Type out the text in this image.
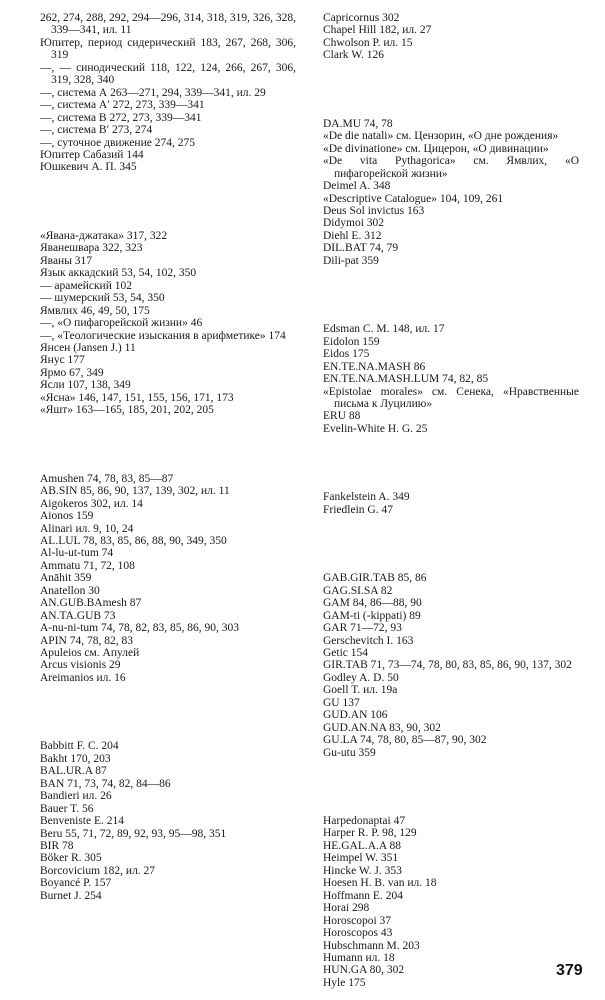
262, 274, 288, 292, 294—296, 314, 318, 319, 326, 328, 339—341, ил. 11

Юпитер, период сидерический 183, 267, 268, 306, 319

—, — синодический 118, 122, 124, 266, 267, 306, 319, 328, 340

—, система А 263—271, 294, 339—341, ил. 29

—, система А′ 272, 273, 339—341

—, система В 272, 273, 339—341

—, система В′ 273, 274

—, суточное движение 274, 275

Юпитер Сабазий 144

Юшкевич А. П. 345

«Явана-джатака» 317, 322

Яванешвара 322, 323

Яваны 317

Язык аккадский 53, 54, 102, 350

— арамейский 102

— шумерский 53, 54, 350

Ямвлих 46, 49, 50, 175

—, «О пифагорейской жизни» 46

—, «Теологические изыскания в арифметике» 174

Янсен (Jansen J.) 11

Янус 177

Ярмо 67, 349

Ясли 107, 138, 349

«Ясна» 146, 147, 151, 155, 156, 171, 173

«Яшт» 163—165, 185, 201, 202, 205

Amushen 74, 78, 83, 85—87

AB.SIN 85, 86, 90, 137, 139, 302, ил. 11

Aigokeros 302, ил. 14

Aionos 159

Alinari ил. 9, 10, 24

AL.LUL 78, 83, 85, 86, 88, 90, 349, 350

Al-lu-ut-tum 74

Ammatu 71, 72, 108

Anāhit 359

Anatellon 30

AN.GUB.BAmesh 87

AN.TA.GUB 73

A-nu-ni-tum 74, 78, 82, 83, 85, 86, 90, 303

APIN 74, 78, 82, 83

Apuleios см. Апулей

Arcus visionis 29

Areimanios ил. 16

Babbitt F. C. 204

Bakht 170, 203

BAL.UR.A 87

BAN 71, 73, 74, 82, 84—86

Bandieri ил. 26

Bauer T. 56

Benveniste E. 214

Beru 55, 71, 72, 89, 92, 93, 95—98, 351

BIR 78

Böker R. 305

Borcovicium 182, ил. 27

Boyancé P. 157

Burnet J. 254

Capricornus 302

Chapel Hill 182, ил. 27

Chwolson P. ил. 15

Clark W. 126

DA.MU 74, 78

«De die natali» см. Цензорин, «О дне рождения»

«De divinatione» см. Цицерон, «О дивинации»

«De vita Pythagorica» см. Ямвлих, «О пифагорейской жизни»

Deimel A. 348

«Descriptive Catalogue» 104, 109, 261

Deus Sol invictus 163

Didymoi 302

Diehl E. 312

DIL.BAT 74, 79

Dili-pat 359

Edsman C. M. 148, ил. 17

Eidolon 159

Eidos 175

EN.TE.NA.MASH 86

EN.TE.NA.MASH.LUM 74, 82, 85

«Epistolae morales» см. Сенека, «Нравственные письма к Луцилию»

ERU 88

Evelin-White H. G. 25

Fankelstein A. 349

Friedlein G. 47

GAB.GIR.TAB 85, 86

GAG.SI.SA 82

GAM 84, 86—88, 90

GAM-ti (-kippati) 89

GAR 71—72, 93

Gerschevitch I. 163

Getic 154

GIR.TAB 71, 73—74, 78, 80, 83, 85, 86, 90, 137, 302

Godley A. D. 50

Goell T. ил. 19a

GU 137

GUD.AN 106

GUD.AN.NA 83, 90, 302

GU.LA 74, 78, 80, 85—87, 90, 302

Gu-utu 359

Harpedonaptai 47

Harper R. P. 98, 129

HE.GAL.A.A 88

Heimpel W. 351

Hincke W. J. 353

Hoesen H. B. van ил. 18

Hoffmann E. 204

Horai 298

Horoscopoi 37

Horoscopos 43

Hubschmann M. 203

Humann ил. 18

HUN.GA 80, 302

Hyle 175

379
